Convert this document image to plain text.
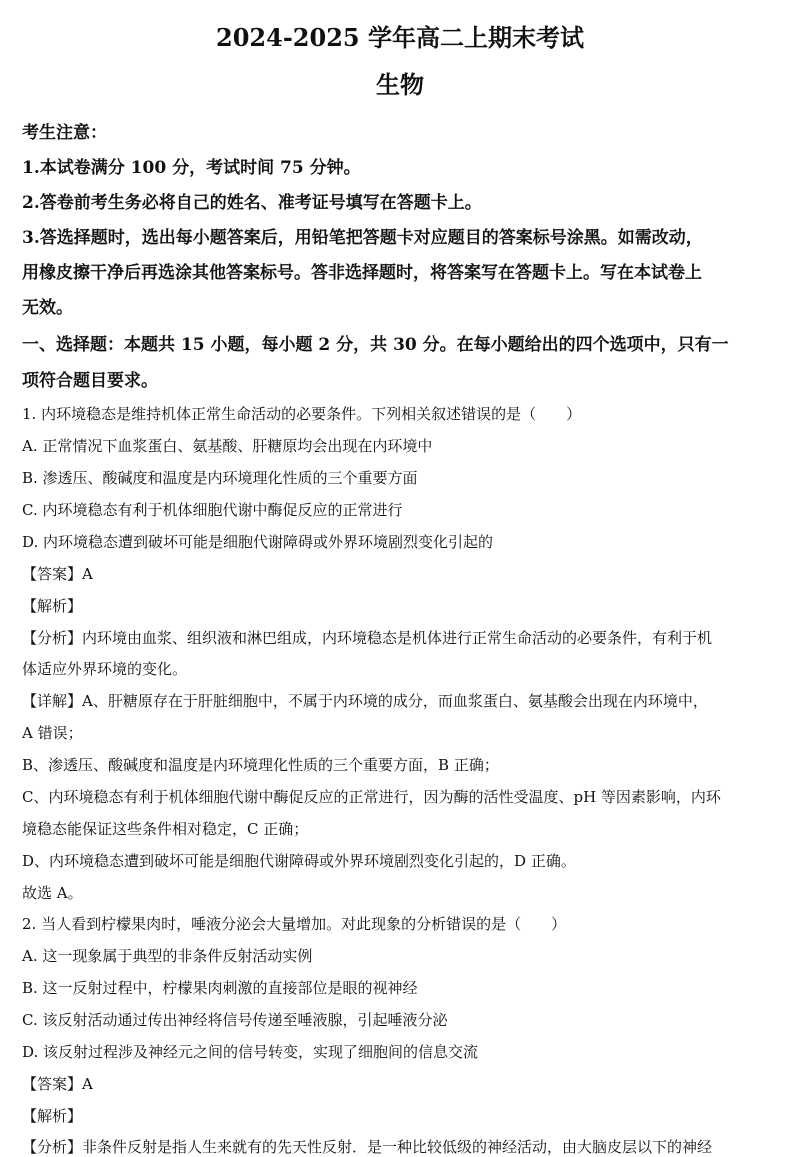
2024-2025 学年高二上期末考试
生物
考生注意：
1.本试卷满分 100 分，考试时间 75 分钟。
2.答卷前考生务必将自己的姓名、准考证号填写在答题卡上。
3.答选择题时，选出每小题答案后，用铅笔把答题卡对应题目的答案标号涂黑。如需改动，
用橡皮擦干净后再选涂其他答案标号。答非选择题时，将答案写在答题卡上。写在本试卷上
无效。
一、选择题：本题共 15 小题，每小题 2 分，共 30 分。在每小题给出的四个选项中，只有一
项符合题目要求。
1. 内环境稳态是维持机体正常生命活动的必要条件。下列相关叙述错误的是（　　）
A. 正常情况下血浆蛋白、氨基酸、肝糖原均会出现在内环境中
B. 渗透压、酸碱度和温度是内环境理化性质的三个重要方面
C. 内环境稳态有利于机体细胞代谢中酶促反应的正常进行
D. 内环境稳态遭到破坏可能是细胞代谢障碍或外界环境剧烈变化引起的
【答案】A
【解析】
【分析】内环境由血浆、组织液和淋巴组成，内环境稳态是机体进行正常生命活动的必要条件，有利于机
体适应外界环境的变化。
【详解】A、肝糖原存在于肝脏细胞中，不属于内环境的成分，而血浆蛋白、氨基酸会出现在内环境中，
A 错误；
B、渗透压、酸碱度和温度是内环境理化性质的三个重要方面，B 正确；
C、内环境稳态有利于机体细胞代谢中酶促反应的正常进行，因为酶的活性受温度、pH 等因素影响，内环
境稳态能保证这些条件相对稳定，C 正确；
D、内环境稳态遭到破坏可能是细胞代谢障碍或外界环境剧烈变化引起的，D 正确。
故选 A。
2. 当人看到柠檬果肉时，唾液分泌会大量增加。对此现象的分析错误的是（　　）
A. 这一现象属于典型的非条件反射活动实例
B. 这一反射过程中，柠檬果肉刺激的直接部位是眼的视神经
C. 该反射活动通过传出神经将信号传递至唾液腺，引起唾液分泌
D. 该反射过程涉及神经元之间的信号转变，实现了细胞间的信息交流
【答案】A
【解析】
【分析】非条件反射是指人生来就有的先天性反射．是一种比较低级的神经活动，由大脑皮层以下的神经
